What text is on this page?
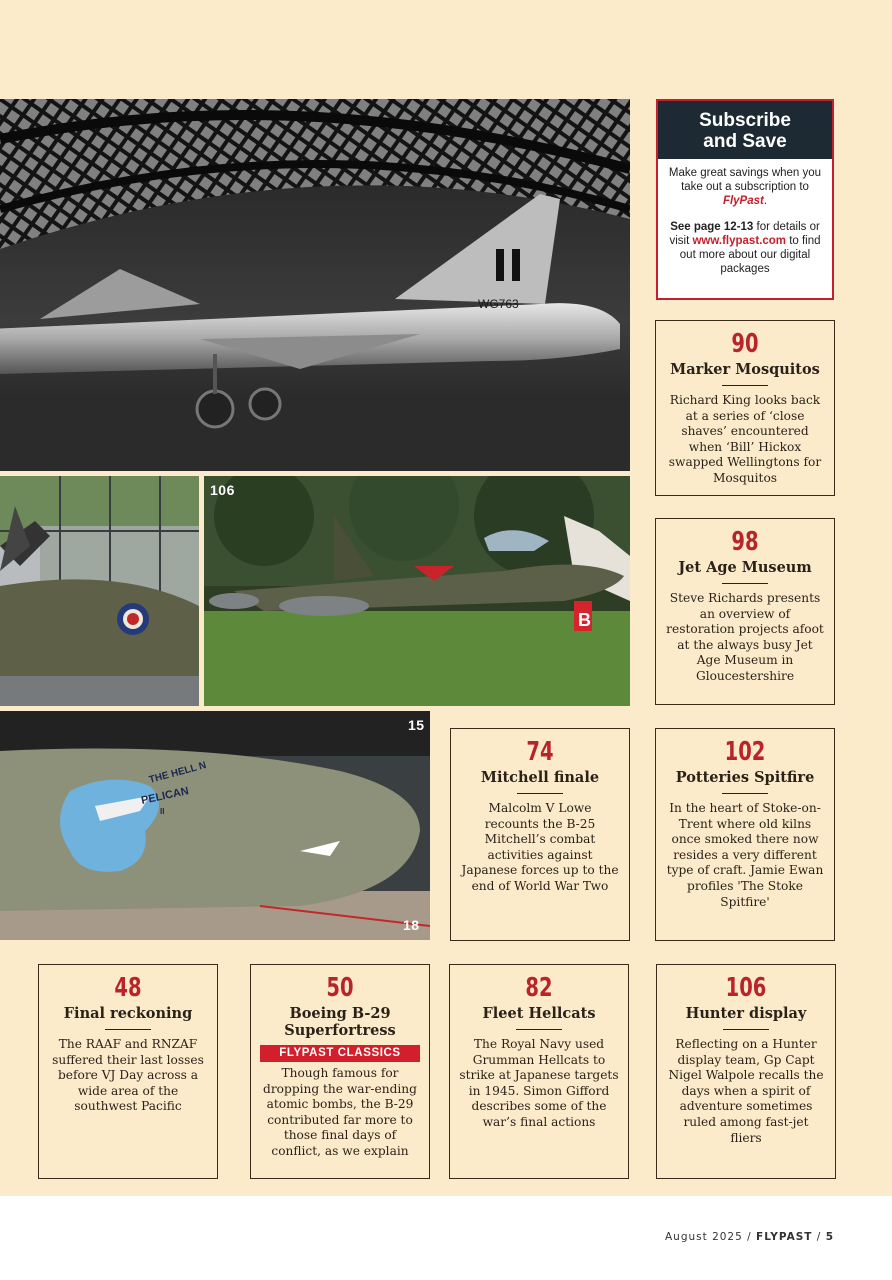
WG763
B
106
THE HELL N
PELICAN
II
15
18
Subscribe
and Save
Make great savings when you take out a subscription to FlyPast.
See page 12-13 for details or visit www.flypast.com to find out more about our digital packages
90
Marker Mosquitos
Richard King looks back at a series of ‘close shaves’ encountered when ‘Bill’ Hickox swapped Wellingtons for Mosquitos
98
Jet Age Museum
Steve Richards presents an overview of restoration projects afoot at the always busy Jet Age Museum in Gloucestershire
74
Mitchell finale
Malcolm V Lowe recounts the B-25 Mitchell’s combat activities against Japanese forces up to the end of World War Two
102
Potteries Spitfire
In the heart of Stoke-on-Trent where old kilns once smoked there now resides a very different type of craft. Jamie Ewan profiles 'The Stoke Spitfire'
48
Final reckoning
The RAAF and RNZAF suffered their last losses before VJ Day across a wide area of the southwest Pacific
50
Boeing B-29 Superfortress
FLYPAST CLASSICS
Though famous for dropping the war-ending atomic bombs, the B-29 contributed far more to those final days of conflict, as we explain
82
Fleet Hellcats
The Royal Navy used Grumman Hellcats to strike at Japanese targets in 1945. Simon Gifford describes some of the war’s final actions
106
Hunter display
Reflecting on a Hunter display team, Gp Capt Nigel Walpole recalls the days when a spirit of adventure sometimes ruled among fast-jet fliers
August 2025 / FLYPAST / 5
